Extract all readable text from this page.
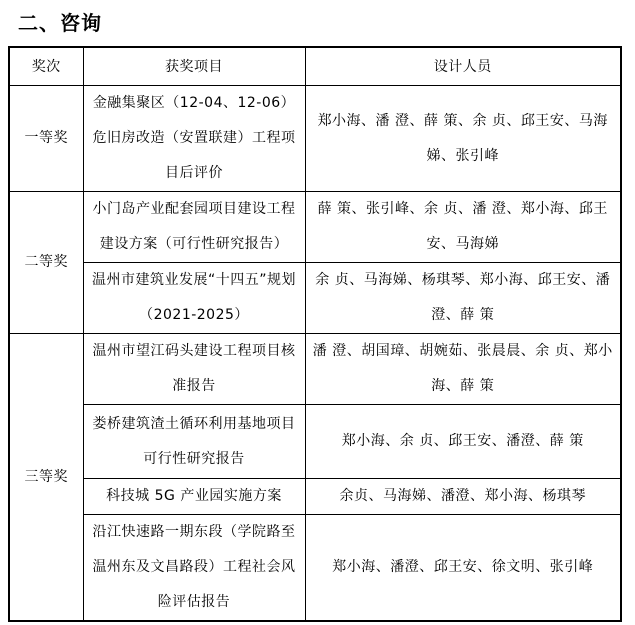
二、咨询
奖次	获奖项目	设计人员
一等奖	金融集聚区（12-04、12-06）危旧房改造（安置联建）工程项目后评价	郑小海、潘 澄、薛 策、余 贞、邱王安、马海娣、张引峰
二等奖	小门岛产业配套园项目建设工程建设方案（可行性研究报告）	薛 策、张引峰、余 贞、潘 澄、郑小海、邱王安、马海娣
	温州市建筑业发展“十四五”规划（2021-2025）	余 贞、马海娣、杨琪琴、郑小海、邱王安、潘 澄、薛 策
三等奖	温州市望江码头建设工程项目核准报告	潘 澄、胡国璋、胡婉茹、张晨晨、余 贞、郑小海、薛 策
	娄桥建筑渣土循环利用基地项目可行性研究报告	郑小海、余 贞、邱王安、潘澄、薛 策
	科技城 5G 产业园实施方案	余贞、马海娣、潘澄、郑小海、杨琪琴
	沿江快速路一期东段（学院路至温州东及文昌路段）工程社会风险评估报告	郑小海、潘澄、邱王安、徐文明、张引峰
